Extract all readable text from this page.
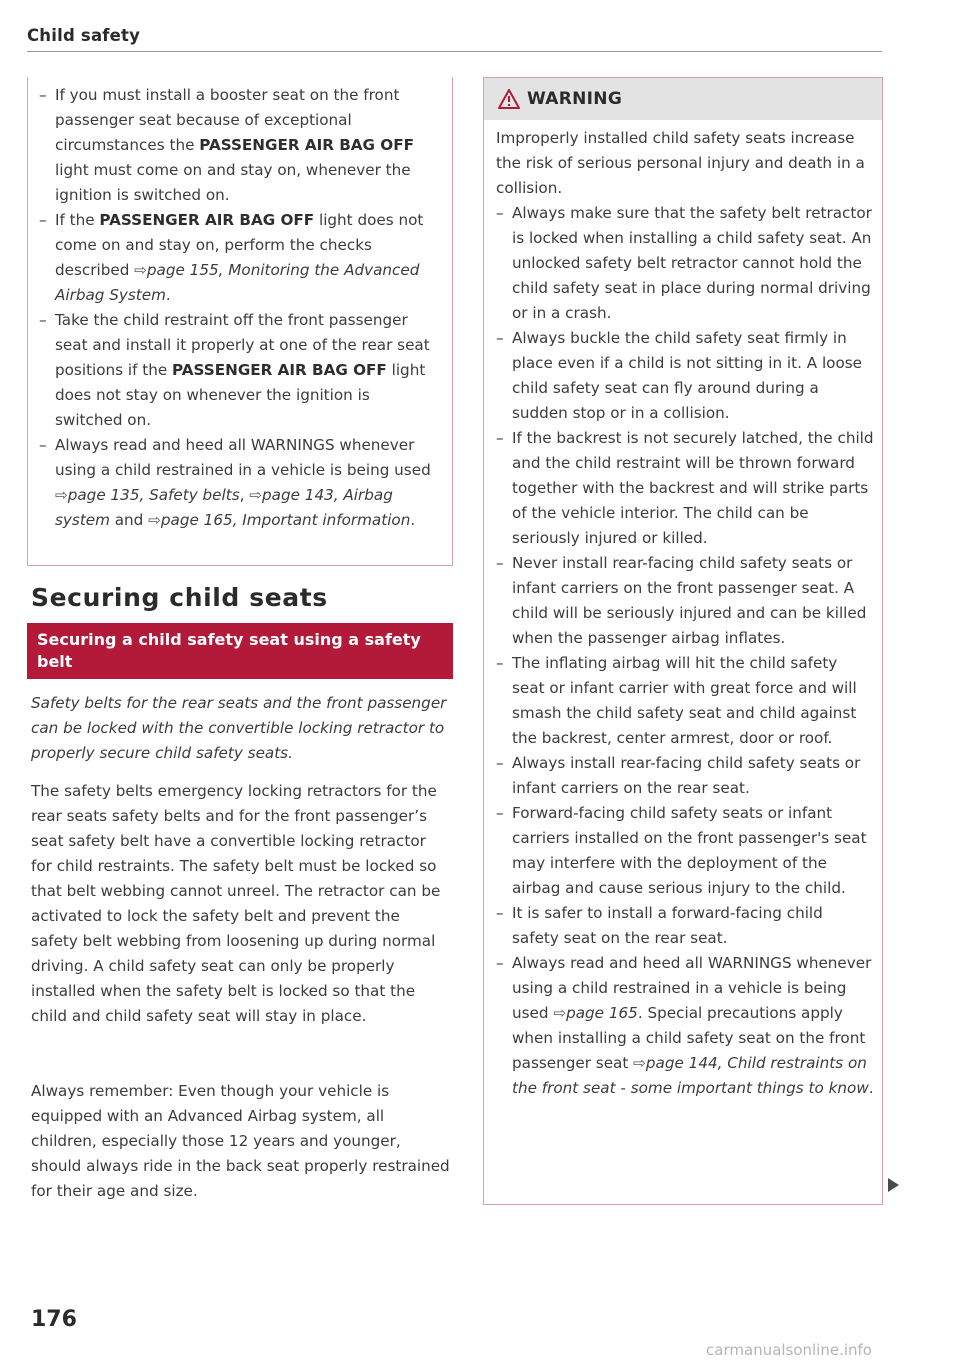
Child safety
– If you must install a booster seat on the front passenger seat because of exceptional circumstances the PASSENGER AIR BAG OFF light must come on and stay on, whenever the ignition is switched on.
– If the PASSENGER AIR BAG OFF light does not come on and stay on, perform the checks described ⇨page 155, Monitoring the Advanced Airbag System.
– Take the child restraint off the front passenger seat and install it properly at one of the rear seat positions if the PASSENGER AIR BAG OFF light does not stay on whenever the ignition is switched on.
– Always read and heed all WARNINGS whenever using a child restrained in a vehicle is being used ⇨page 135, Safety belts, ⇨page 143, Airbag system and ⇨page 165, Important information.
Securing child seats
Securing a child safety seat using a safety belt
Safety belts for the rear seats and the front passenger can be locked with the convertible locking retractor to properly secure child safety seats.
The safety belts emergency locking retractors for the rear seats safety belts and for the front passenger’s seat safety belt have a convertible locking retractor for child restraints. The safety belt must be locked so that belt webbing cannot unreel. The retractor can be activated to lock the safety belt and prevent the safety belt webbing from loosening up during normal driving. A child safety seat can only be properly installed when the safety belt is locked so that the child and child safety seat will stay in place.
Always remember: Even though your vehicle is equipped with an Advanced Airbag system, all children, especially those 12 years and younger, should always ride in the back seat properly restrained for their age and size.
WARNING
Improperly installed child safety seats increase the risk of serious personal injury and death in a collision.
– Always make sure that the safety belt retractor is locked when installing a child safety seat. An unlocked safety belt retractor cannot hold the child safety seat in place during normal driving or in a crash.
– Always buckle the child safety seat firmly in place even if a child is not sitting in it. A loose child safety seat can fly around during a sudden stop or in a collision.
– If the backrest is not securely latched, the child and the child restraint will be thrown forward together with the backrest and will strike parts of the vehicle interior. The child can be seriously injured or killed.
– Never install rear-facing child safety seats or infant carriers on the front passenger seat. A child will be seriously injured and can be killed when the passenger airbag inflates.
– The inflating airbag will hit the child safety seat or infant carrier with great force and will smash the child safety seat and child against the backrest, center armrest, door or roof.
– Always install rear-facing child safety seats or infant carriers on the rear seat.
– Forward-facing child safety seats or infant carriers installed on the front passenger's seat may interfere with the deployment of the airbag and cause serious injury to the child.
– It is safer to install a forward-facing child safety seat on the rear seat.
– Always read and heed all WARNINGS whenever using a child restrained in a vehicle is being used ⇨page 165. Special precautions apply when installing a child safety seat on the front passenger seat ⇨page 144, Child restraints on the front seat - some important things to know.
176
carmanualsonline.info
